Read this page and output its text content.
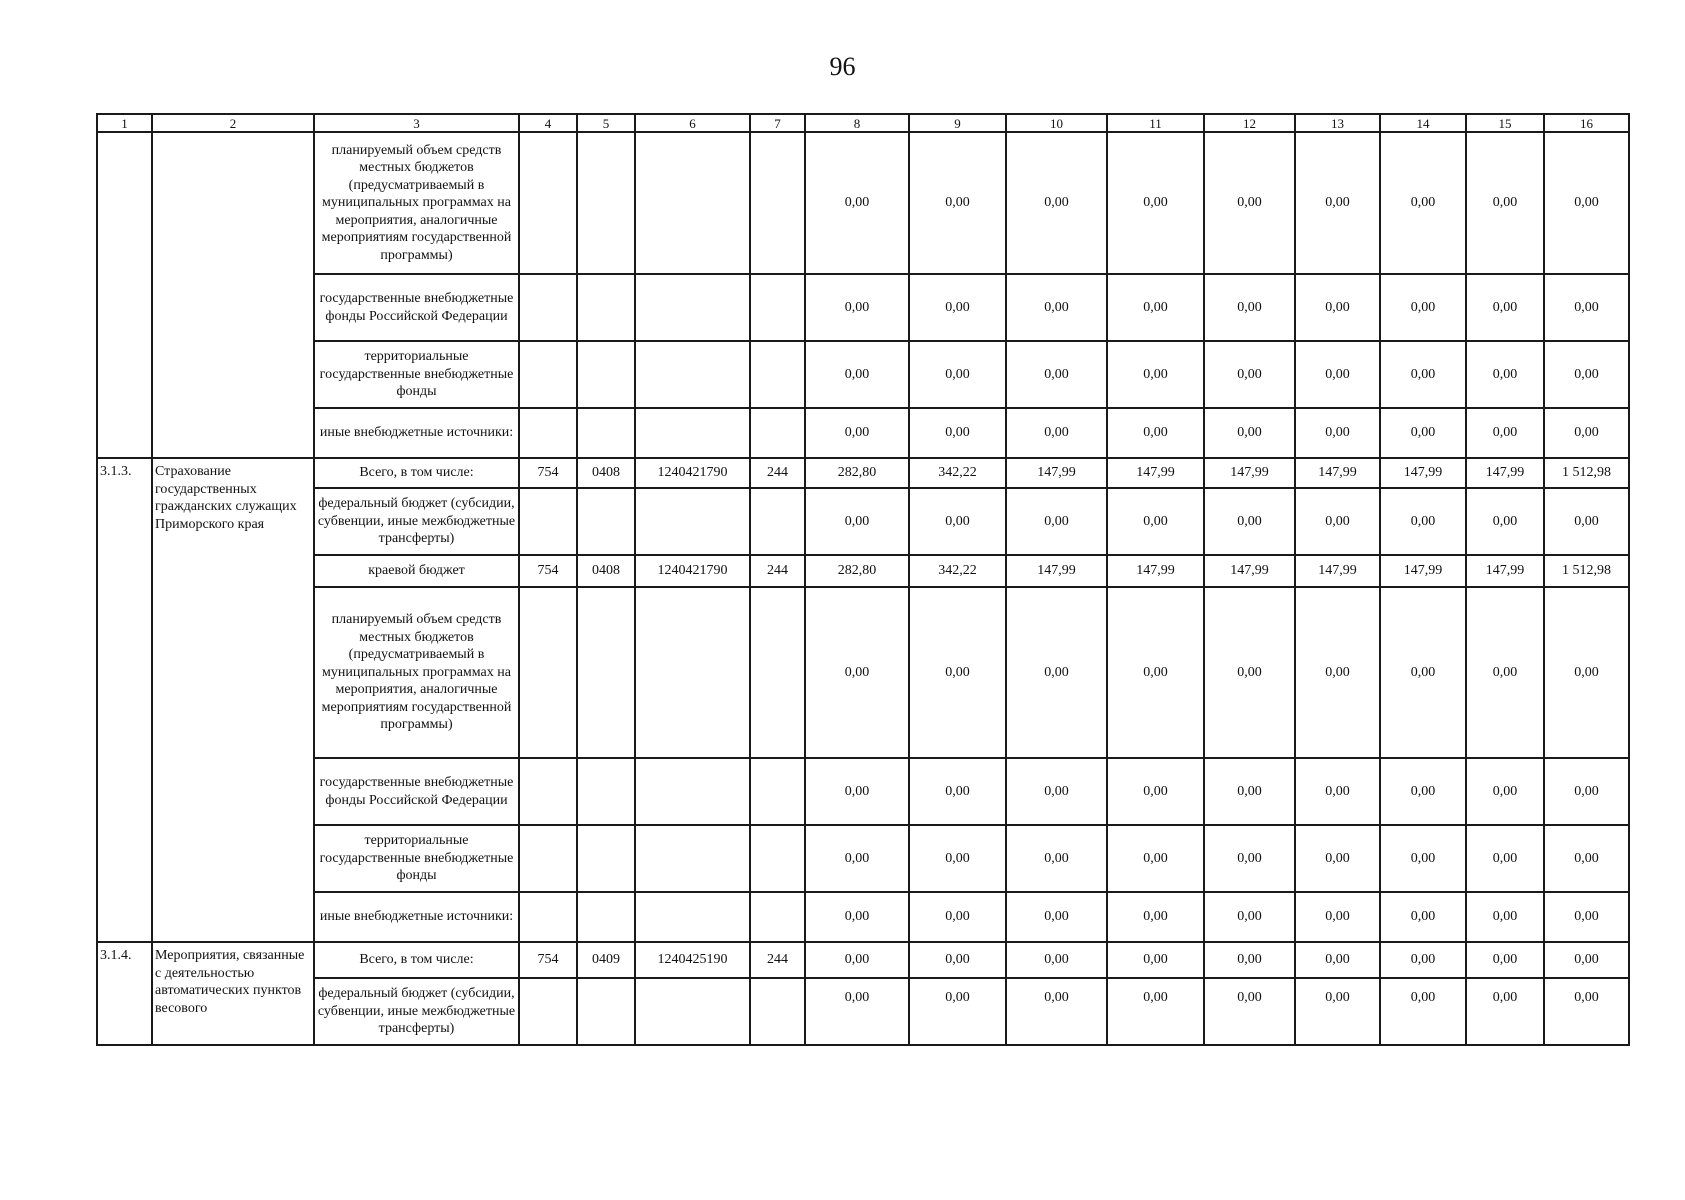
96
1	2	3	4	5	6	7	8	9	10	11	12	13	14	15	16
		планируемый объем средств местных бюджетов (предусматриваемый в муниципальных программах на мероприятия, аналогичные мероприятиям государственной программы)					0,00	0,00	0,00	0,00	0,00	0,00	0,00	0,00	0,00
		государственные внебюджетные фонды Российской Федерации					0,00	0,00	0,00	0,00	0,00	0,00	0,00	0,00	0,00
		территориальные государственные внебюджетные фонды					0,00	0,00	0,00	0,00	0,00	0,00	0,00	0,00	0,00
		иные внебюджетные источники:					0,00	0,00	0,00	0,00	0,00	0,00	0,00	0,00	0,00
3.1.3.	Страхование государственных гражданских служащих Приморского края	Всего, в том числе:	754	0408	1240421790	244	282,80	342,22	147,99	147,99	147,99	147,99	147,99	147,99	1 512,98
		федеральный бюджет (субсидии, субвенции, иные межбюджетные трансферты)					0,00	0,00	0,00	0,00	0,00	0,00	0,00	0,00	0,00
		краевой бюджет	754	0408	1240421790	244	282,80	342,22	147,99	147,99	147,99	147,99	147,99	147,99	1 512,98
		планируемый объем средств местных бюджетов (предусматриваемый в муниципальных программах на мероприятия, аналогичные мероприятиям государственной программы)					0,00	0,00	0,00	0,00	0,00	0,00	0,00	0,00	0,00
		государственные внебюджетные фонды Российской Федерации					0,00	0,00	0,00	0,00	0,00	0,00	0,00	0,00	0,00
		территориальные государственные внебюджетные фонды					0,00	0,00	0,00	0,00	0,00	0,00	0,00	0,00	0,00
		иные внебюджетные источники:					0,00	0,00	0,00	0,00	0,00	0,00	0,00	0,00	0,00
3.1.4.	Мероприятия, связанные с деятельностью автоматических пунктов весового	Всего, в том числе:	754	0409	1240425190	244	0,00	0,00	0,00	0,00	0,00	0,00	0,00	0,00	0,00
		федеральный бюджет (субсидии, субвенции, иные межбюджетные трансферты)					0,00	0,00	0,00	0,00	0,00	0,00	0,00	0,00	0,00
